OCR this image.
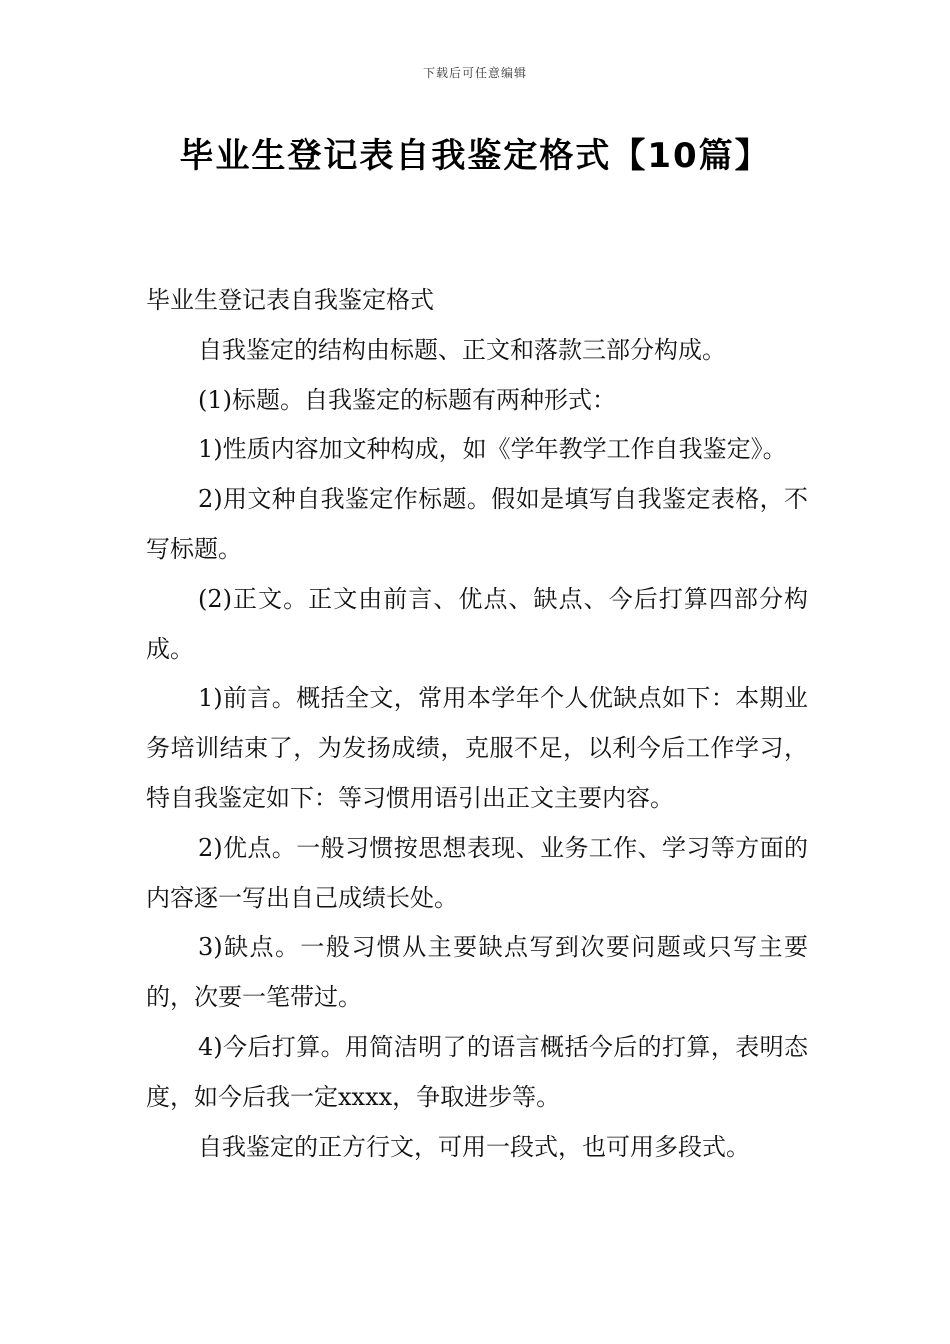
下载后可任意编辑
毕业生登记表自我鉴定格式【10篇】

毕业生登记表自我鉴定格式

自我鉴定的结构由标题、正文和落款三部分构成。

(1)标题。自我鉴定的标题有两种形式：

1)性质内容加文种构成，如《学年教学工作自我鉴定》。

2)用文种自我鉴定作标题。假如是填写自我鉴定表格，不写标题。

(2)正文。正文由前言、优点、缺点、今后打算四部分构成。

1)前言。概括全文，常用本学年个人优缺点如下：本期业务培训结束了，为发扬成绩，克服不足，以利今后工作学习，特自我鉴定如下：等习惯用语引出正文主要内容。

2)优点。一般习惯按思想表现、业务工作、学习等方面的内容逐一写出自己成绩长处。

3)缺点。一般习惯从主要缺点写到次要问题或只写主要的，次要一笔带过。

4)今后打算。用简洁明了的语言概括今后的打算，表明态度，如今后我一定xxxx，争取进步等。

自我鉴定的正方行文，可用一段式，也可用多段式。
